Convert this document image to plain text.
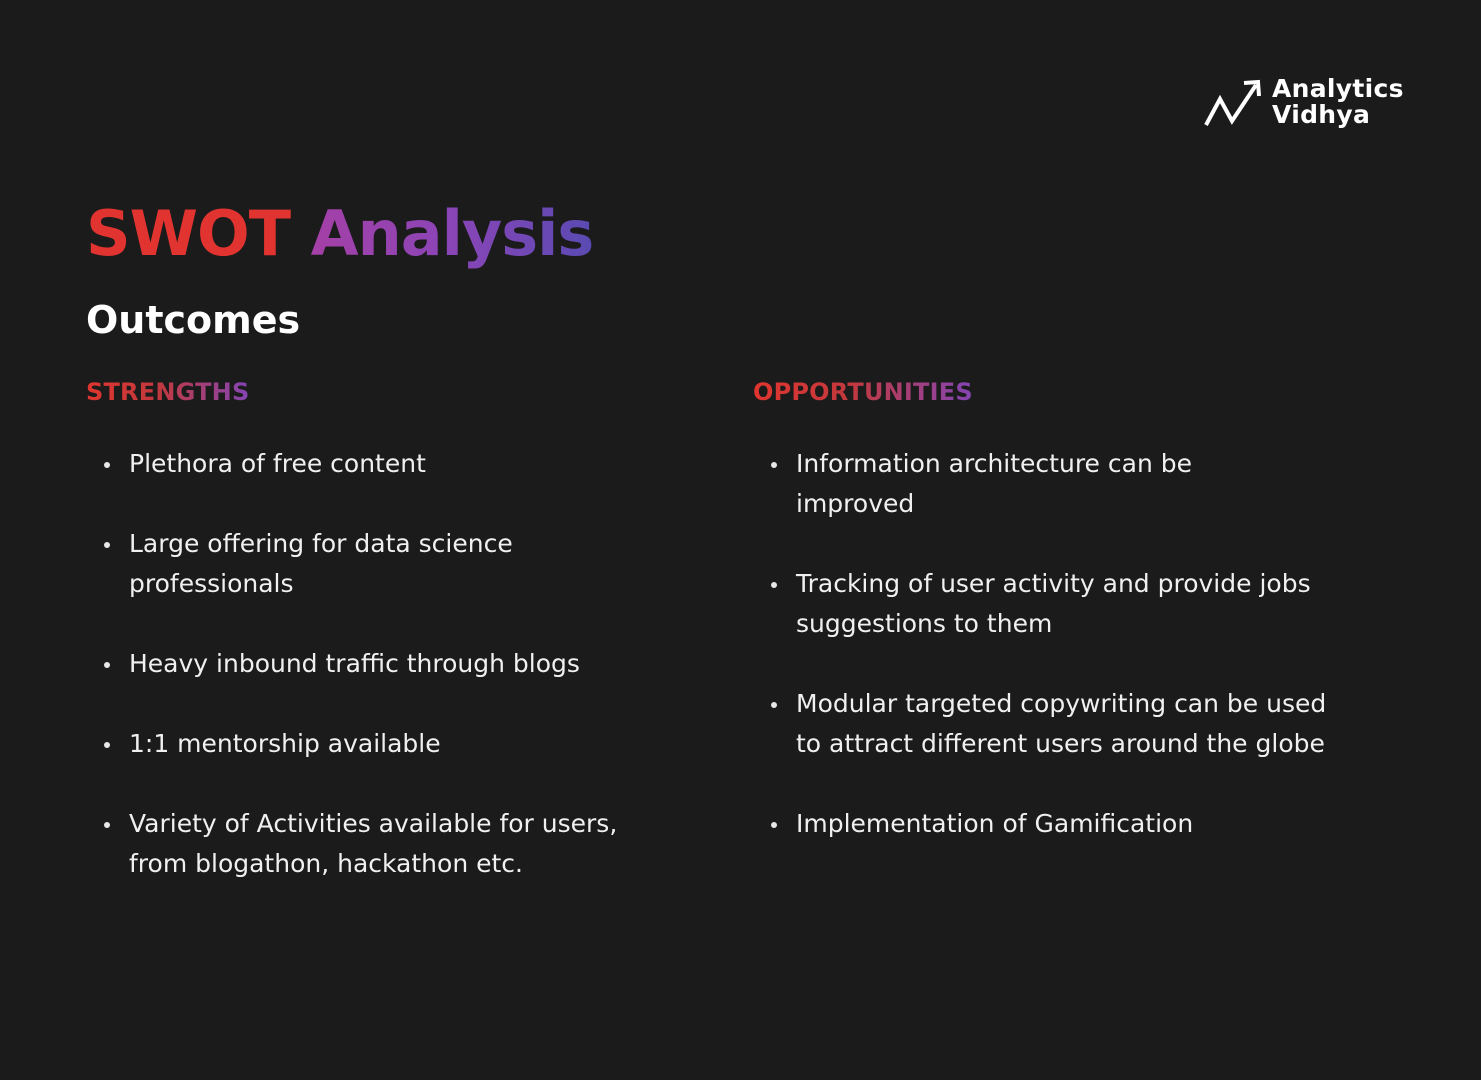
Analytics
Vidhya
SWOT Analysis
Outcomes
STRENGTHS
Plethora of free content
Large offering for data science professionals
Heavy inbound traffic through blogs
1:1 mentorship available
Variety of Activities available for users, from blogathon, hackathon etc.
OPPORTUNITIES
Information architecture can be improved
Tracking of user activity and provide jobs suggestions to them
Modular targeted copywriting can be used to attract different users around the globe
Implementation of Gamification
